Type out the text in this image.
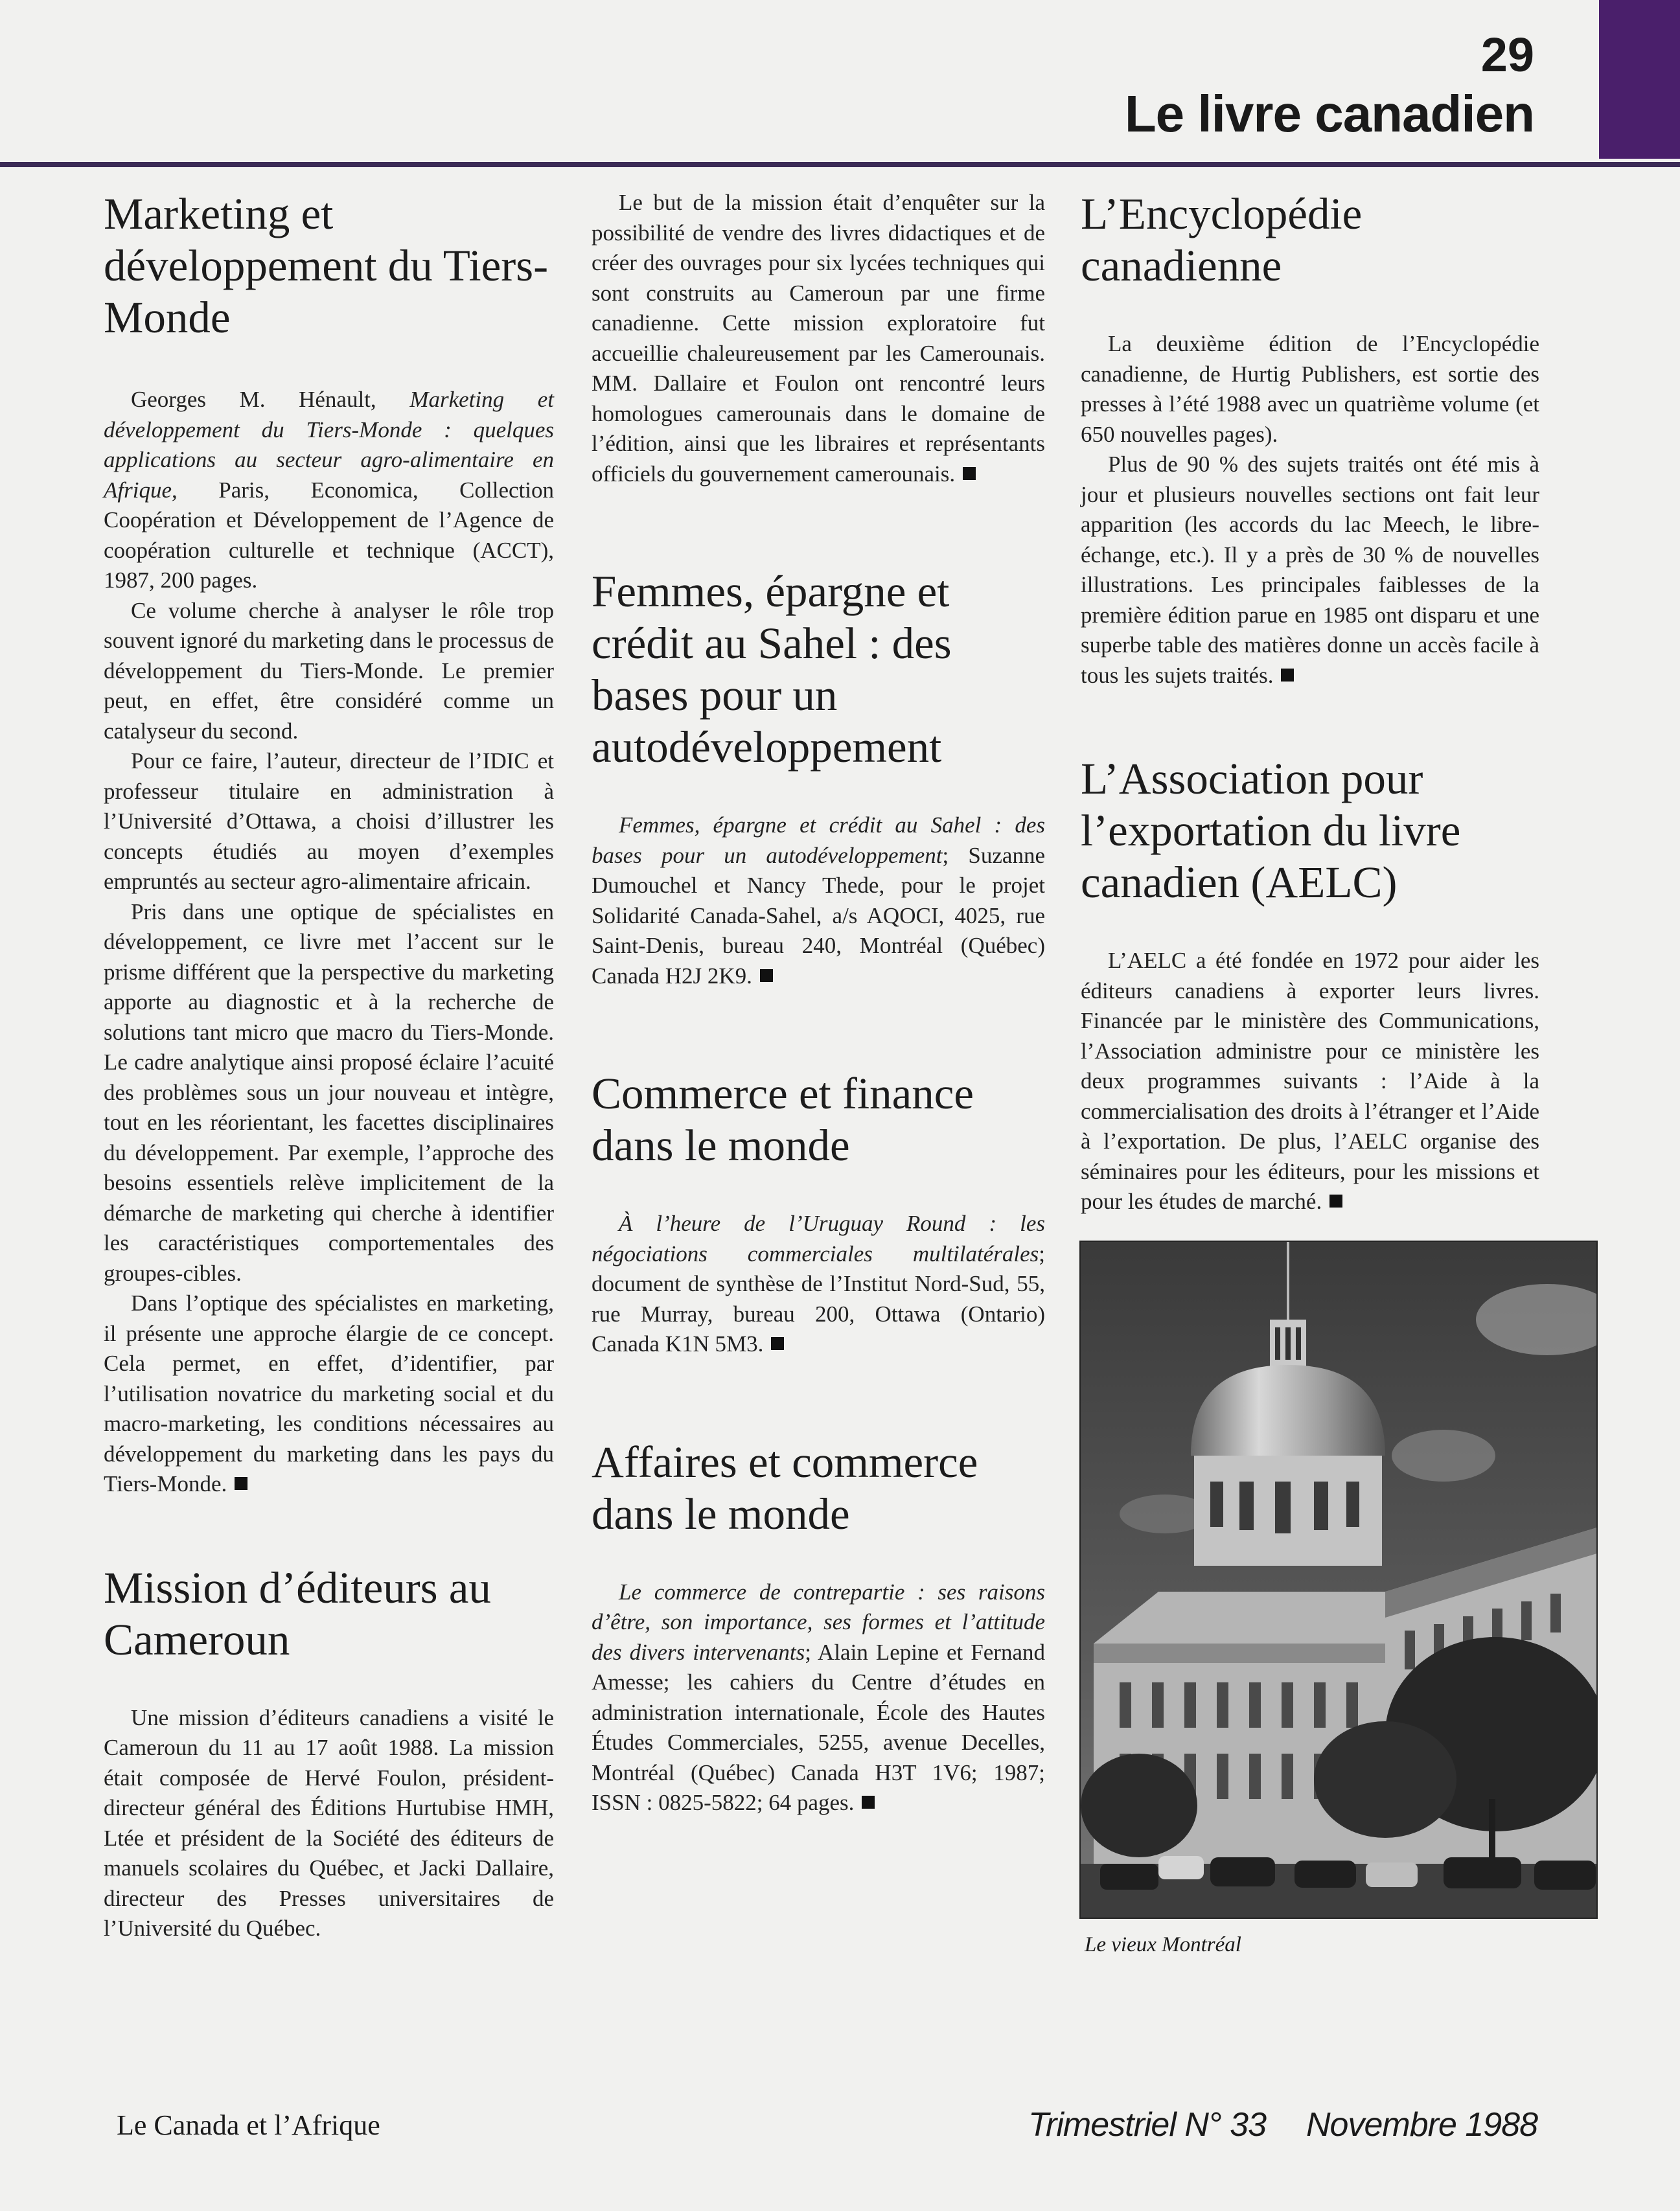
29
Le livre canadien
Marketing et développement du Tiers-Monde

Georges M. Hénault, Marketing et développement du Tiers-Monde : quelques applications au secteur agro-alimentaire en Afrique, Paris, Economica, Collection Coopération et Développement de l’Agence de coopération culturelle et technique (ACCT), 1987, 200 pages.

Ce volume cherche à analyser le rôle trop souvent ignoré du marketing dans le processus de développement du Tiers-Monde. Le premier peut, en effet, être considéré comme un catalyseur du second.

Pour ce faire, l’auteur, directeur de l’IDIC et professeur titulaire en administration à l’Université d’Ottawa, a choisi d’illustrer les concepts étudiés au moyen d’exemples empruntés au secteur agro-alimentaire africain.

Pris dans une optique de spécialistes en développement, ce livre met l’accent sur le prisme différent que la perspective du marketing apporte au diagnostic et à la recherche de solutions tant micro que macro du Tiers-Monde. Le cadre analytique ainsi proposé éclaire l’acuité des problèmes sous un jour nouveau et intègre, tout en les réorientant, les facettes disciplinaires du développement. Par exemple, l’approche des besoins essentiels relève implicitement de la démarche de marketing qui cherche à identifier les caractéristiques comportementales des groupes-cibles.

Dans l’optique des spécialistes en marketing, il présente une approche élargie de ce concept. Cela permet, en effet, d’identifier, par l’utilisation novatrice du marketing social et du macro-marketing, les conditions nécessaires au développement du marketing dans les pays du Tiers-Monde.

Mission d’éditeurs au Cameroun

Une mission d’éditeurs canadiens a visité le Cameroun du 11 au 17 août 1988. La mission était composée de Hervé Foulon, président-directeur général des Éditions Hurtubise HMH, Ltée et président de la Société des éditeurs de manuels scolaires du Québec, et Jacki Dallaire, directeur des Presses universitaires de l’Université du Québec.

Le but de la mission était d’enquêter sur la possibilité de vendre des livres didactiques et de créer des ouvrages pour six lycées techniques qui sont construits au Cameroun par une firme canadienne. Cette mission exploratoire fut accueillie chaleureusement par les Camerounais. MM. Dallaire et Foulon ont rencontré leurs homologues camerounais dans le domaine de l’édition, ainsi que les libraires et représentants officiels du gouvernement camerounais.

Femmes, épargne et crédit au Sahel : des bases pour un autodéveloppement

Femmes, épargne et crédit au Sahel : des bases pour un autodéveloppement; Suzanne Dumouchel et Nancy Thede, pour le projet Solidarité Canada-Sahel, a/s AQOCI, 4025, rue Saint-Denis, bureau 240, Montréal (Québec) Canada H2J 2K9.

Commerce et finance dans le monde

À l’heure de l’Uruguay Round : les négociations commerciales multilatérales; document de synthèse de l’Institut Nord-Sud, 55, rue Murray, bureau 200, Ottawa (Ontario) Canada K1N 5M3.

Affaires et commerce dans le monde

Le commerce de contrepartie : ses raisons d’être, son importance, ses formes et l’attitude des divers intervenants; Alain Lepine et Fernand Amesse; les cahiers du Centre d’études en administration internationale, École des Hautes Études Commerciales, 5255, avenue Decelles, Montréal (Québec) Canada H3T 1V6; 1987; ISSN : 0825-5822; 64 pages.

L’Encyclopédie canadienne

La deuxième édition de l’Encyclopédie canadienne, de Hurtig Publishers, est sortie des presses à l’été 1988 avec un quatrième volume (et 650 nouvelles pages).

Plus de 90 % des sujets traités ont été mis à jour et plusieurs nouvelles sections ont fait leur apparition (les accords du lac Meech, le libre-échange, etc.). Il y a près de 30 % de nouvelles illustrations. Les principales faiblesses de la première édition parue en 1985 ont disparu et une superbe table des matières donne un accès facile à tous les sujets traités.

L’Association pour l’exportation du livre canadien (AELC)

L’AELC a été fondée en 1972 pour aider les éditeurs canadiens à exporter leurs livres. Financée par le ministère des Communications, l’Association administre pour ce ministère les deux programmes suivants : l’Aide à la commercialisation des droits à l’étranger et l’Aide à l’exportation. De plus, l’AELC organise des séminaires pour les éditeurs, pour les missions et pour les études de marché.

Le vieux Montréal
Le Canada et l’Afrique	Trimestriel N° 33 Novembre 1988
